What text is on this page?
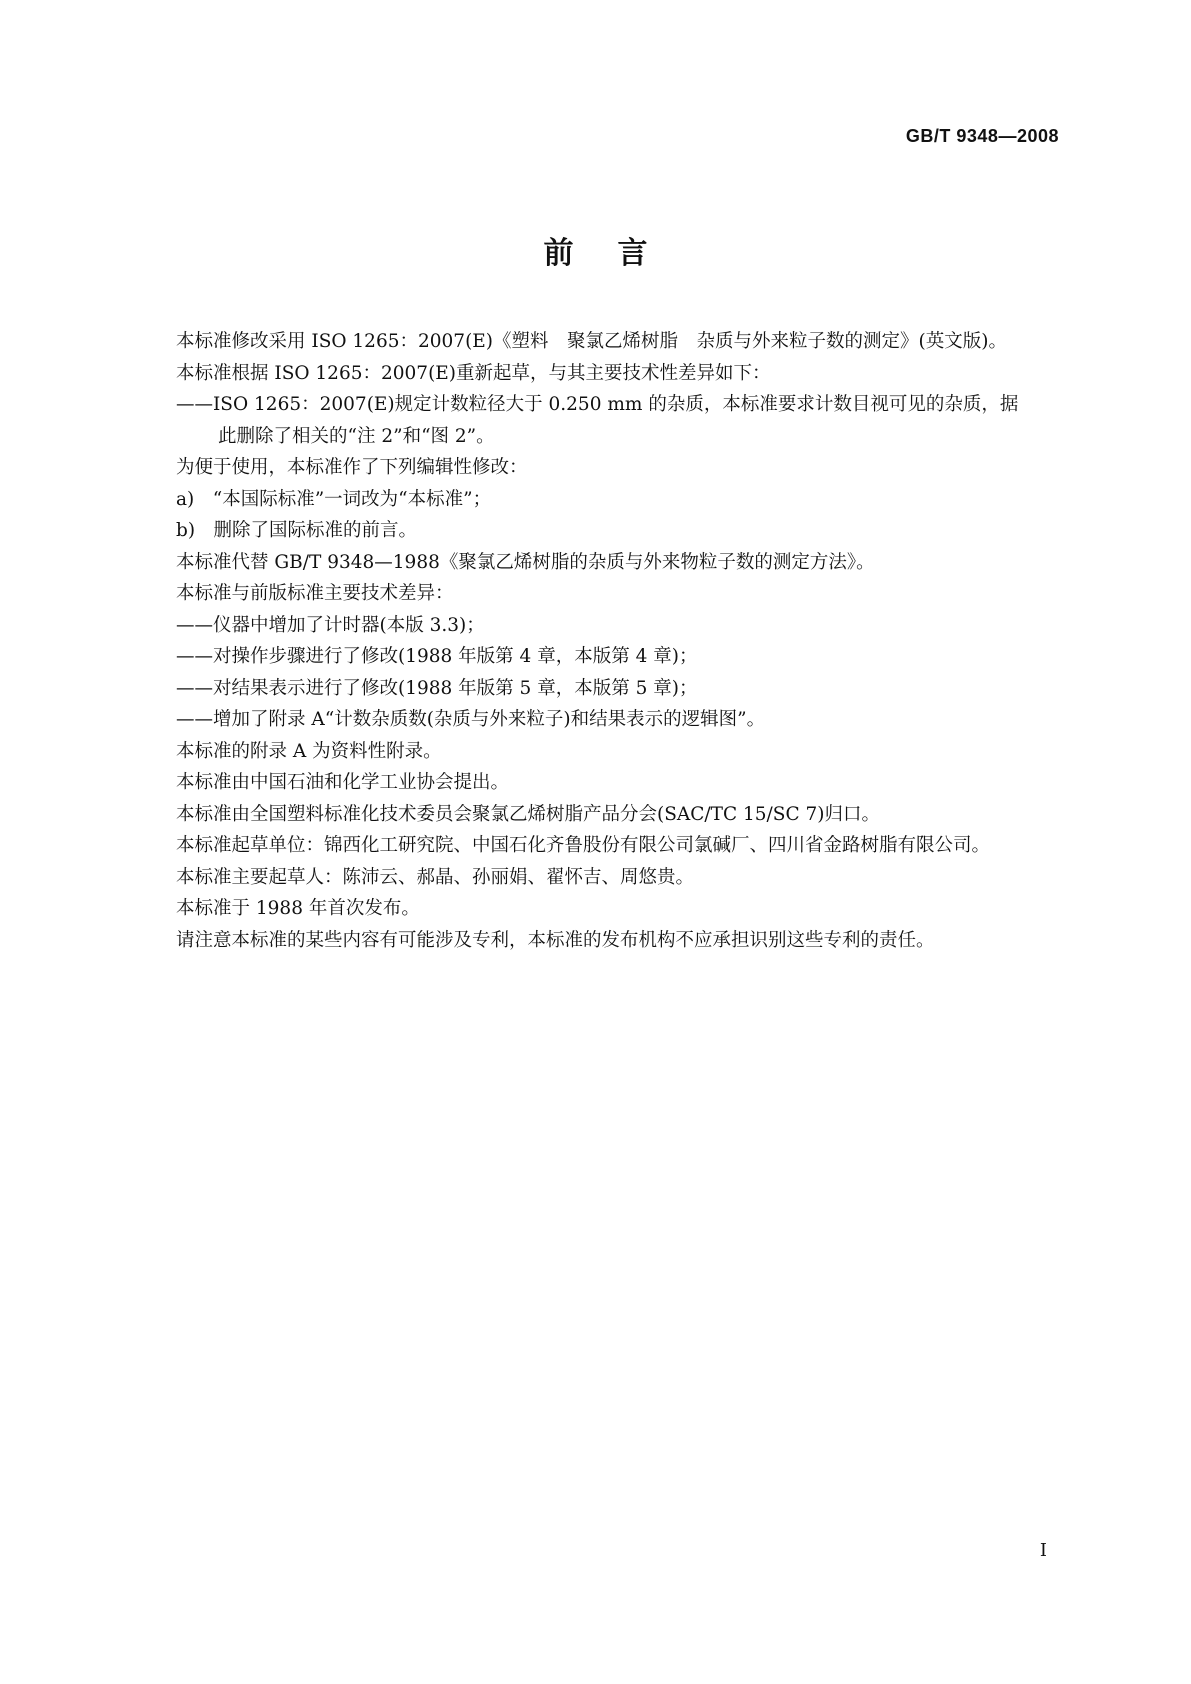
GB/T 9348—2008
前言
本标准修改采用 ISO 1265：2007(E)《塑料　聚氯乙烯树脂　杂质与外来粒子数的测定》(英文版)。
本标准根据 ISO 1265：2007(E)重新起草，与其主要技术性差异如下：
——ISO 1265：2007(E)规定计数粒径大于 0.250 mm 的杂质，本标准要求计数目视可见的杂质，据
此删除了相关的“注 2”和“图 2”。
为便于使用，本标准作了下列编辑性修改：
a)　“本国际标准”一词改为“本标准”；
b)　删除了国际标准的前言。
本标准代替 GB/T 9348—1988《聚氯乙烯树脂的杂质与外来物粒子数的测定方法》。
本标准与前版标准主要技术差异：
——仪器中增加了计时器(本版 3.3)；
——对操作步骤进行了修改(1988 年版第 4 章，本版第 4 章)；
——对结果表示进行了修改(1988 年版第 5 章，本版第 5 章)；
——增加了附录 A“计数杂质数(杂质与外来粒子)和结果表示的逻辑图”。
本标准的附录 A 为资料性附录。
本标准由中国石油和化学工业协会提出。
本标准由全国塑料标准化技术委员会聚氯乙烯树脂产品分会(SAC/TC 15/SC 7)归口。
本标准起草单位：锦西化工研究院、中国石化齐鲁股份有限公司氯碱厂、四川省金路树脂有限公司。
本标准主要起草人：陈沛云、郝晶、孙丽娟、翟怀吉、周悠贵。
本标准于 1988 年首次发布。
请注意本标准的某些内容有可能涉及专利，本标准的发布机构不应承担识别这些专利的责任。
I
